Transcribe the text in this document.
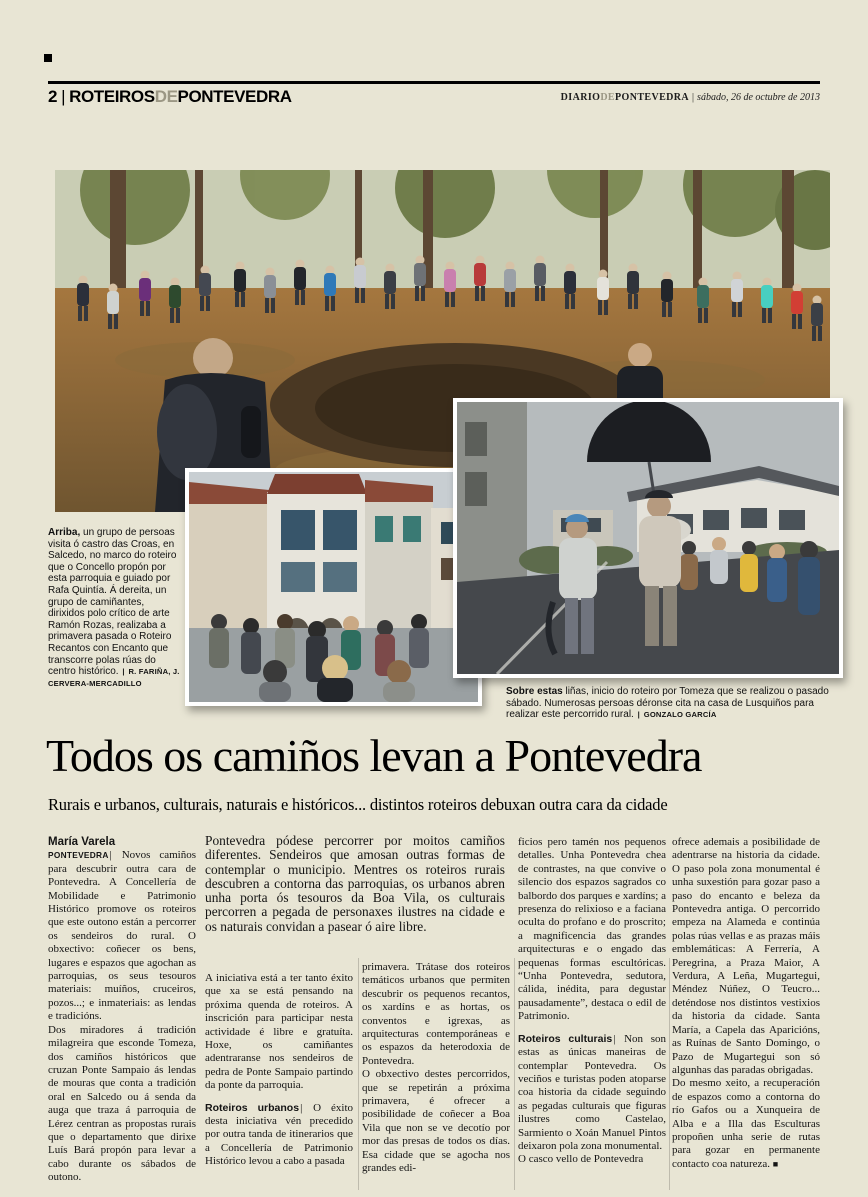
2 | ROTEIROSDEPONTEVEDRA	DIARIODEPONTEVEDRA | sábado, 26 de octubre de 2013
Arriba, un grupo de persoas visita ó castro das Croas, en Salcedo, no marco do roteiro que o Concello propón por esta parroquia e guiado por Rafa Quintía. Á dereita, un grupo de camiñantes, dirixidos polo crítico de arte Ramón Rozas, realizaba a primavera pasada o Roteiro Recantos con Encanto que transcorre polas rúas do centro histórico. | R. FARIÑA, J. CERVERA-MERCADILLO
Sobre estas liñas, inicio do roteiro por Tomeza que se realizou o pasado sábado. Numerosas persoas déronse cita na casa de Lusquiños para realizar este percorrido rural. | GONZALO GARCÍA
Todos os camiños levan a Pontevedra
Rurais e urbanos, culturais, naturais e históricos... distintos roteiros debuxan outra cara da cidade
Pontevedra pódese percorrer por moitos camiños diferentes. Sendeiros que amosan outras formas de contemplar o municipio. Mentres os roteiros rurais descubren a contorna das parroquias, os urbanos abren unha porta ós tesouros da Boa Vila, os culturais percorren a pegada de personaxes ilustres na cidade e os naturais convidan a pasear ó aire libre.

María Varela

PONTEVEDRA| Novos camiños para descubrir outra cara de Pontevedra. A Concellería de Mobilidade e Patrimonio Histórico promove os roteiros que este outono están a percorrer os sendeiros do rural. O obxectivo: coñecer os bens, lugares e espazos que agochan as parroquias, os seus tesouros materiais: muíños, cruceiros, pozos...; e inmateriais: as lendas e tradicións.

Dos miradores á tradición milagreira que esconde Tomeza, dos camiños históricos que cruzan Ponte Sampaio ás lendas de mouras que conta a tradición oral en Salcedo ou á senda da auga que traza á parroquia de Lérez centran as propostas rurais que o departamento que dirixe Luís Bará propón para levar a cabo durante os sábados de outono.

A iniciativa está a ter tanto éxito que xa se está pensando na próxima quenda de roteiros. A inscrición para participar nesta actividade é libre e gratuíta. Hoxe, os camiñantes adentraranse nos sendeiros de pedra de Ponte Sampaio partindo da ponte da parroquia.

Roteiros urbanos| O éxito desta iniciativa vén precedido por outra tanda de itinerarios que a Concellería de Patrimonio Histórico levou a cabo a pasada

primavera. Trátase dos roteiros temáticos urbanos que permiten descubrir os pequenos recantos, os xardíns e as hortas, os conventos e igrexas, as arquitecturas contemporáneas e os espazos da heterodoxia de Pontevedra.

O obxectivo destes percorridos, que se repetirán a próxima primavera, é ofrecer a posibilidade de coñecer a Boa Vila que non se ve decotío por mor das presas de todos os días. Esa cidade que se agocha nos grandes edi-

ficios pero tamén nos pequenos detalles. Unha Pontevedra chea de contrastes, na que convive o silencio dos espazos sagrados co balbordo dos parques e xardíns; a presenza do relixioso e a faciana oculta do profano e do proscrito; a magnificencia das grandes arquitecturas e o engado das pequenas formas escultóricas. “Unha Pontevedra, sedutora, cálida, inédita, para degustar pausadamente”, destaca o edil de Patrimonio.

Roteiros culturais| Non son estas as únicas maneiras de contemplar Pontevedra. Os veciños e turistas poden atoparse coa historia da cidade seguindo as pegadas culturais que figuras ilustres como Castelao, Sarmiento o Xoán Manuel Pintos deixaron pola zona monumental.

O casco vello de Pontevedra

ofrece ademais a posibilidade de adentrarse na historia da cidade. O paso pola zona monumental é unha suxestión para gozar paso a paso do encanto e beleza da Pontevedra antiga. O percorrido empeza na Alameda e continúa polas rúas vellas e as prazas máis emblemáticas: A Ferrería, A Peregrina, a Praza Maior, A Verdura, A Leña, Mugartegui, Méndez Núñez, O Teucro... deténdose nos distintos vestixios da historia da cidade. Santa María, a Capela das Aparicións, as Ruínas de Santo Domingo, o Pazo de Mugartegui son só algunhas das paradas obrigadas.

Do mesmo xeito, a recuperación de espazos como a contorna do río Gafos ou a Xunqueira de Alba e a Illa das Esculturas propoñen unha serie de rutas para gozar en permanente contacto coa natureza. ■
